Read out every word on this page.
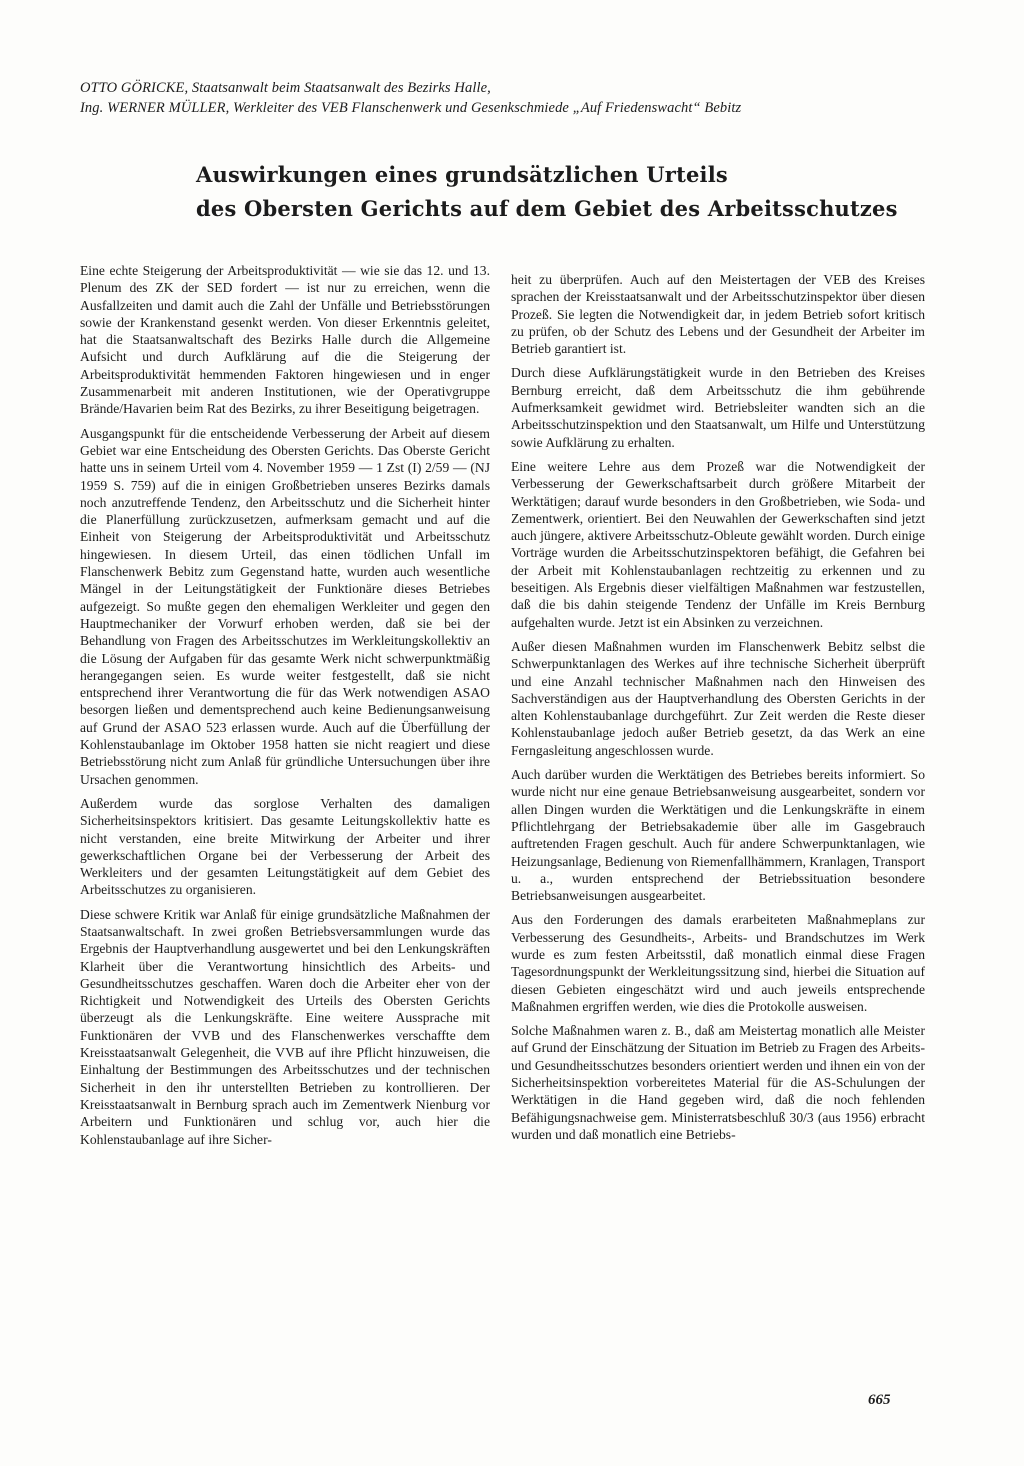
OTTO GÖRICKE, Staatsanwalt beim Staatsanwalt des Bezirks Halle,
Ing. WERNER MÜLLER, Werkleiter des VEB Flanschenwerk und Gesenkschmiede „Auf Friedenswacht“ Bebitz
Auswirkungen eines grundsätzlichen Urteils
des Obersten Gerichts auf dem Gebiet des Arbeitsschutzes

Eine echte Steigerung der Arbeitsproduktivität — wie sie das 12. und 13. Plenum des ZK der SED fordert — ist nur zu erreichen, wenn die Ausfallzeiten und damit auch die Zahl der Unfälle und Betriebsstörungen sowie der Krankenstand gesenkt werden. Von dieser Erkenntnis geleitet, hat die Staatsanwaltschaft des Bezirks Halle durch die Allgemeine Aufsicht und durch Aufklärung auf die die Steigerung der Arbeitsproduktivität hemmenden Faktoren hingewiesen und in enger Zusammenarbeit mit anderen Institutionen, wie der Operativgruppe Brände/Havarien beim Rat des Bezirks, zu ihrer Beseitigung beigetragen.

Ausgangspunkt für die entscheidende Verbesserung der Arbeit auf diesem Gebiet war eine Entscheidung des Obersten Gerichts. Das Oberste Gericht hatte uns in seinem Urteil vom 4. November 1959 — 1 Zst (I) 2/59 — (NJ 1959 S. 759) auf die in einigen Großbetrieben unseres Bezirks damals noch anzutreffende Tendenz, den Arbeitsschutz und die Sicherheit hinter die Planerfüllung zurückzusetzen, aufmerksam gemacht und auf die Einheit von Steigerung der Arbeitsproduktivität und Arbeitsschutz hingewiesen. In diesem Urteil, das einen tödlichen Unfall im Flanschenwerk Bebitz zum Gegenstand hatte, wurden auch wesentliche Mängel in der Leitungstätigkeit der Funktionäre dieses Betriebes aufgezeigt. So mußte gegen den ehemaligen Werkleiter und gegen den Hauptmechaniker der Vorwurf erhoben werden, daß sie bei der Behandlung von Fragen des Arbeitsschutzes im Werkleitungskollektiv an die Lösung der Aufgaben für das gesamte Werk nicht schwerpunktmäßig herangegangen seien. Es wurde weiter festgestellt, daß sie nicht entsprechend ihrer Verantwortung die für das Werk notwendigen ASAO besorgen ließen und dementsprechend auch keine Bedienungsanweisung auf Grund der ASAO 523 erlassen wurde. Auch auf die Überfüllung der Kohlenstaubanlage im Oktober 1958 hatten sie nicht reagiert und diese Betriebsstörung nicht zum Anlaß für gründliche Untersuchungen über ihre Ursachen genommen.

Außerdem wurde das sorglose Verhalten des damaligen Sicherheitsinspektors kritisiert. Das gesamte Leitungskollektiv hatte es nicht verstanden, eine breite Mitwirkung der Arbeiter und ihrer gewerkschaftlichen Organe bei der Verbesserung der Arbeit des Werkleiters und der gesamten Leitungstätigkeit auf dem Gebiet des Arbeitsschutzes zu organisieren.

Diese schwere Kritik war Anlaß für einige grundsätzliche Maßnahmen der Staatsanwaltschaft. In zwei großen Betriebsversammlungen wurde das Ergebnis der Hauptverhandlung ausgewertet und bei den Lenkungskräften Klarheit über die Verantwortung hinsichtlich des Arbeits- und Gesundheitsschutzes geschaffen. Waren doch die Arbeiter eher von der Richtigkeit und Notwendigkeit des Urteils des Obersten Gerichts überzeugt als die Lenkungskräfte. Eine weitere Aussprache mit Funktionären der VVB und des Flanschenwerkes verschaffte dem Kreisstaatsanwalt Gelegenheit, die VVB auf ihre Pflicht hinzuweisen, die Einhaltung der Bestimmungen des Arbeitsschutzes und der technischen Sicherheit in den ihr unterstellten Betrieben zu kontrollieren. Der Kreisstaatsanwalt in Bernburg sprach auch im Zementwerk Nienburg vor Arbeitern und Funktionären und schlug vor, auch hier die Kohlenstaubanlage auf ihre Sicher-

heit zu überprüfen. Auch auf den Meistertagen der VEB des Kreises sprachen der Kreisstaatsanwalt und der Arbeitsschutzinspektor über diesen Prozeß. Sie legten die Notwendigkeit dar, in jedem Betrieb sofort kritisch zu prüfen, ob der Schutz des Lebens und der Gesundheit der Arbeiter im Betrieb garantiert ist.

Durch diese Aufklärungstätigkeit wurde in den Betrieben des Kreises Bernburg erreicht, daß dem Arbeitsschutz die ihm gebührende Aufmerksamkeit gewidmet wird. Betriebsleiter wandten sich an die Arbeitsschutzinspektion und den Staatsanwalt, um Hilfe und Unterstützung sowie Aufklärung zu erhalten.

Eine weitere Lehre aus dem Prozeß war die Notwendigkeit der Verbesserung der Gewerkschaftsarbeit durch größere Mitarbeit der Werktätigen; darauf wurde besonders in den Großbetrieben, wie Soda- und Zementwerk, orientiert. Bei den Neuwahlen der Gewerkschaften sind jetzt auch jüngere, aktivere Arbeitsschutz-Obleute gewählt worden. Durch einige Vorträge wurden die Arbeitsschutzinspektoren befähigt, die Gefahren bei der Arbeit mit Kohlenstaubanlagen rechtzeitig zu erkennen und zu beseitigen. Als Ergebnis dieser vielfältigen Maßnahmen war festzustellen, daß die bis dahin steigende Tendenz der Unfälle im Kreis Bernburg aufgehalten wurde. Jetzt ist ein Absinken zu verzeichnen.

Außer diesen Maßnahmen wurden im Flanschenwerk Bebitz selbst die Schwerpunktanlagen des Werkes auf ihre technische Sicherheit überprüft und eine Anzahl technischer Maßnahmen nach den Hinweisen des Sachverständigen aus der Hauptverhandlung des Obersten Gerichts in der alten Kohlenstaubanlage durchgeführt. Zur Zeit werden die Reste dieser Kohlenstaubanlage jedoch außer Betrieb gesetzt, da das Werk an eine Ferngasleitung angeschlossen wurde.

Auch darüber wurden die Werktätigen des Betriebes bereits informiert. So wurde nicht nur eine genaue Betriebsanweisung ausgearbeitet, sondern vor allen Dingen wurden die Werktätigen und die Lenkungskräfte in einem Pflichtlehrgang der Betriebsakademie über alle im Gasgebrauch auftretenden Fragen geschult. Auch für andere Schwerpunktanlagen, wie Heizungsanlage, Bedienung von Riemenfallhämmern, Kranlagen, Transport u. a., wurden entsprechend der Betriebssituation besondere Betriebsanweisungen ausgearbeitet.

Aus den Forderungen des damals erarbeiteten Maßnahmeplans zur Verbesserung des Gesundheits-, Arbeits- und Brandschutzes im Werk wurde es zum festen Arbeitsstil, daß monatlich einmal diese Fragen Tagesordnungspunkt der Werkleitungssitzung sind, hierbei die Situation auf diesen Gebieten eingeschätzt wird und auch jeweils entsprechende Maßnahmen ergriffen werden, wie dies die Protokolle ausweisen.

Solche Maßnahmen waren z. B., daß am Meistertag monatlich alle Meister auf Grund der Einschätzung der Situation im Betrieb zu Fragen des Arbeits- und Gesundheitsschutzes besonders orientiert werden und ihnen ein von der Sicherheitsinspektion vorbereitetes Material für die AS-Schulungen der Werktätigen in die Hand gegeben wird, daß die noch fehlenden Befähigungsnachweise gem. Ministerratsbeschluß 30/3 (aus 1956) erbracht wurden und daß monatlich eine Betriebs-

665
